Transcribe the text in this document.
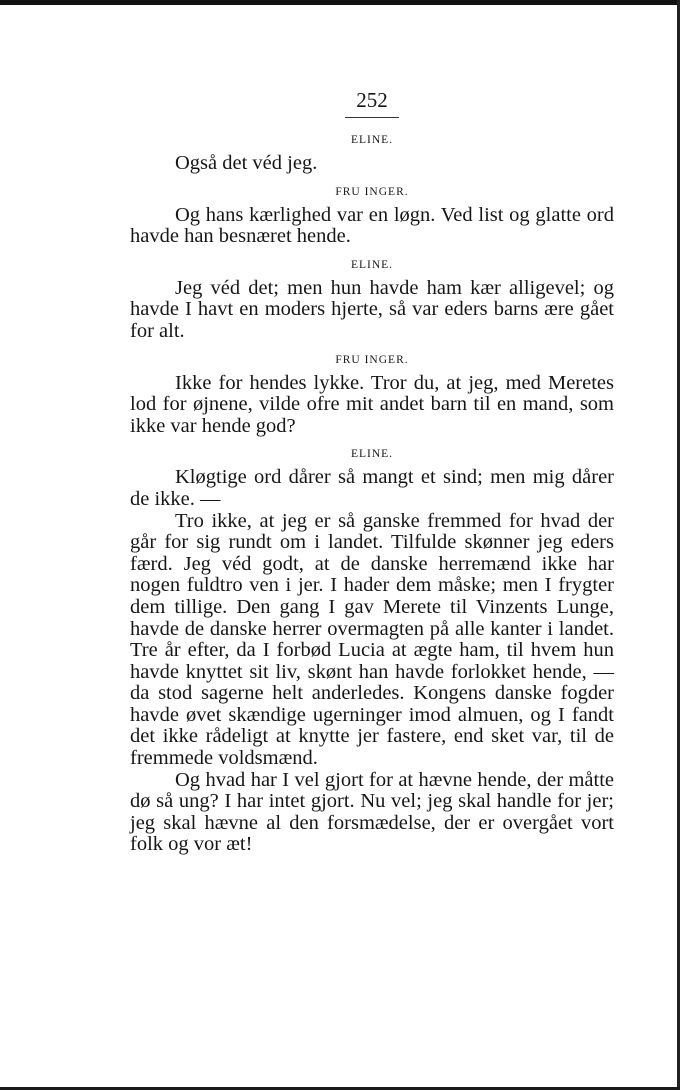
252
ELINE.

Også det véd jeg.

FRU INGER.

Og hans kærlighed var en løgn. Ved list og glatte ord havde han besnæret hende.

ELINE.

Jeg véd det; men hun havde ham kær alligevel; og havde I havt en moders hjerte, så var eders barns ære gået for alt.

FRU INGER.

Ikke for hendes lykke. Tror du, at jeg, med Meretes lod for øjnene, vilde ofre mit andet barn til en mand, som ikke var hende god?

ELINE.

Kløgtige ord dårer så mangt et sind; men mig dårer de ikke. —

Tro ikke, at jeg er så ganske fremmed for hvad der går for sig rundt om i landet. Tilfulde skønner jeg eders færd. Jeg véd godt, at de danske herremænd ikke har nogen fuldtro ven i jer. I hader dem måske; men I frygter dem tillige. Den gang I gav Merete til Vinzents Lunge, havde de danske herrer overmagten på alle kanter i landet. Tre år efter, da I forbød Lucia at ægte ham, til hvem hun havde knyttet sit liv, skønt han havde forlokket hende, — da stod sagerne helt anderledes. Kongens danske fogder havde øvet skændige ugerninger imod almuen, og I fandt det ikke rådeligt at knytte jer fastere, end sket var, til de fremmede voldsmænd.

Og hvad har I vel gjort for at hævne hende, der måtte dø så ung? I har intet gjort. Nu vel; jeg skal handle for jer; jeg skal hævne al den forsmædelse, der er overgået vort folk og vor æt!
